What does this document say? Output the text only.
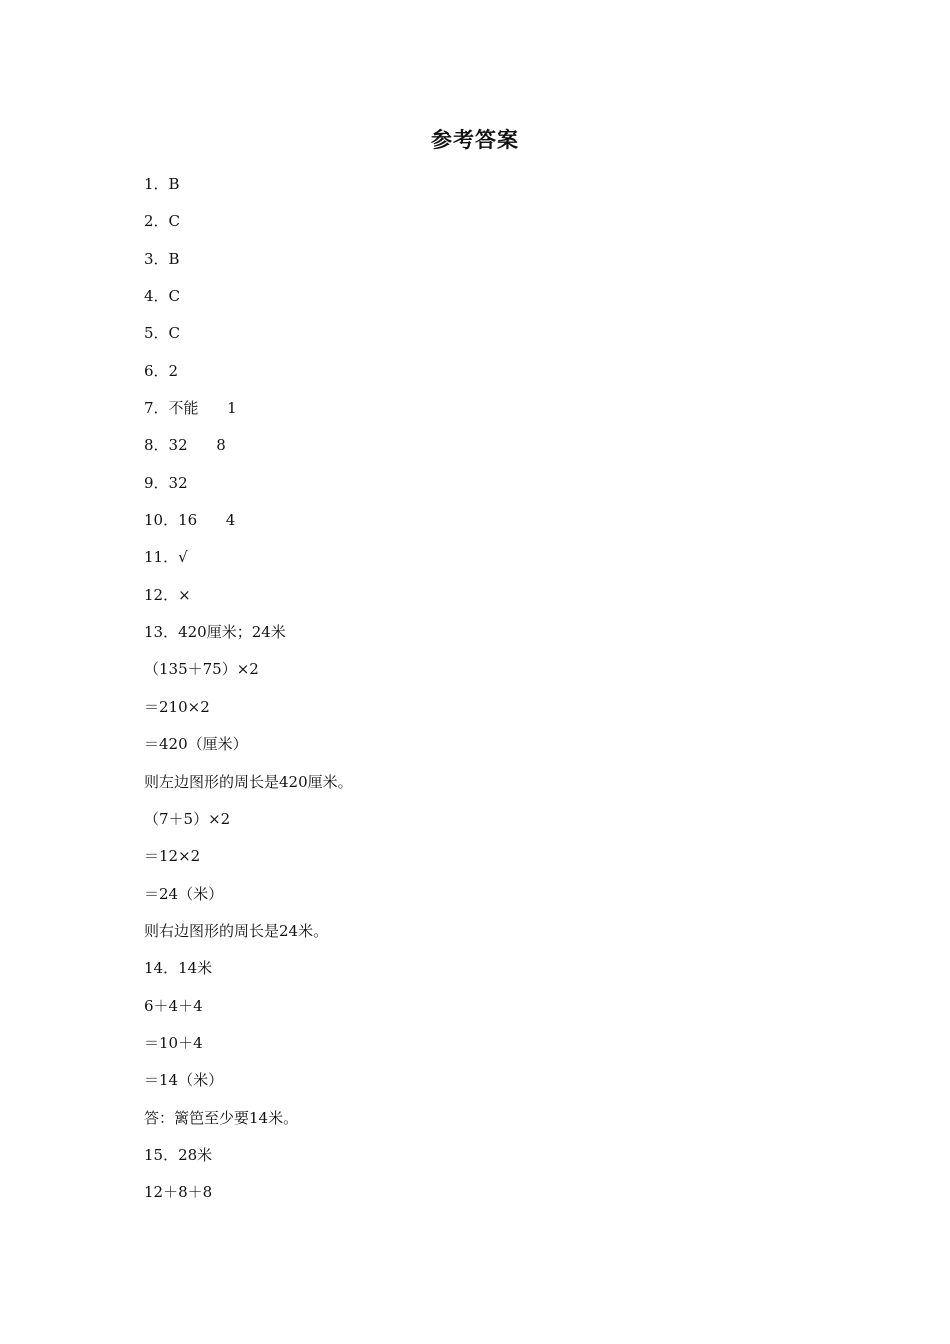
参考答案
1．B
2．C
3．B
4．C
5．C
6．2
7．不能      1
8．32      8
9．32
10．16      4
11．√
12．×
13．420厘米；24米
（135＋75）×2
＝210×2
＝420（厘米）
则左边图形的周长是420厘米。
（7＋5）×2
＝12×2
＝24（米）
则右边图形的周长是24米。
14．14米
6＋4＋4
＝10＋4
＝14（米）
答：篱笆至少要14米。
15．28米
12＋8＋8
